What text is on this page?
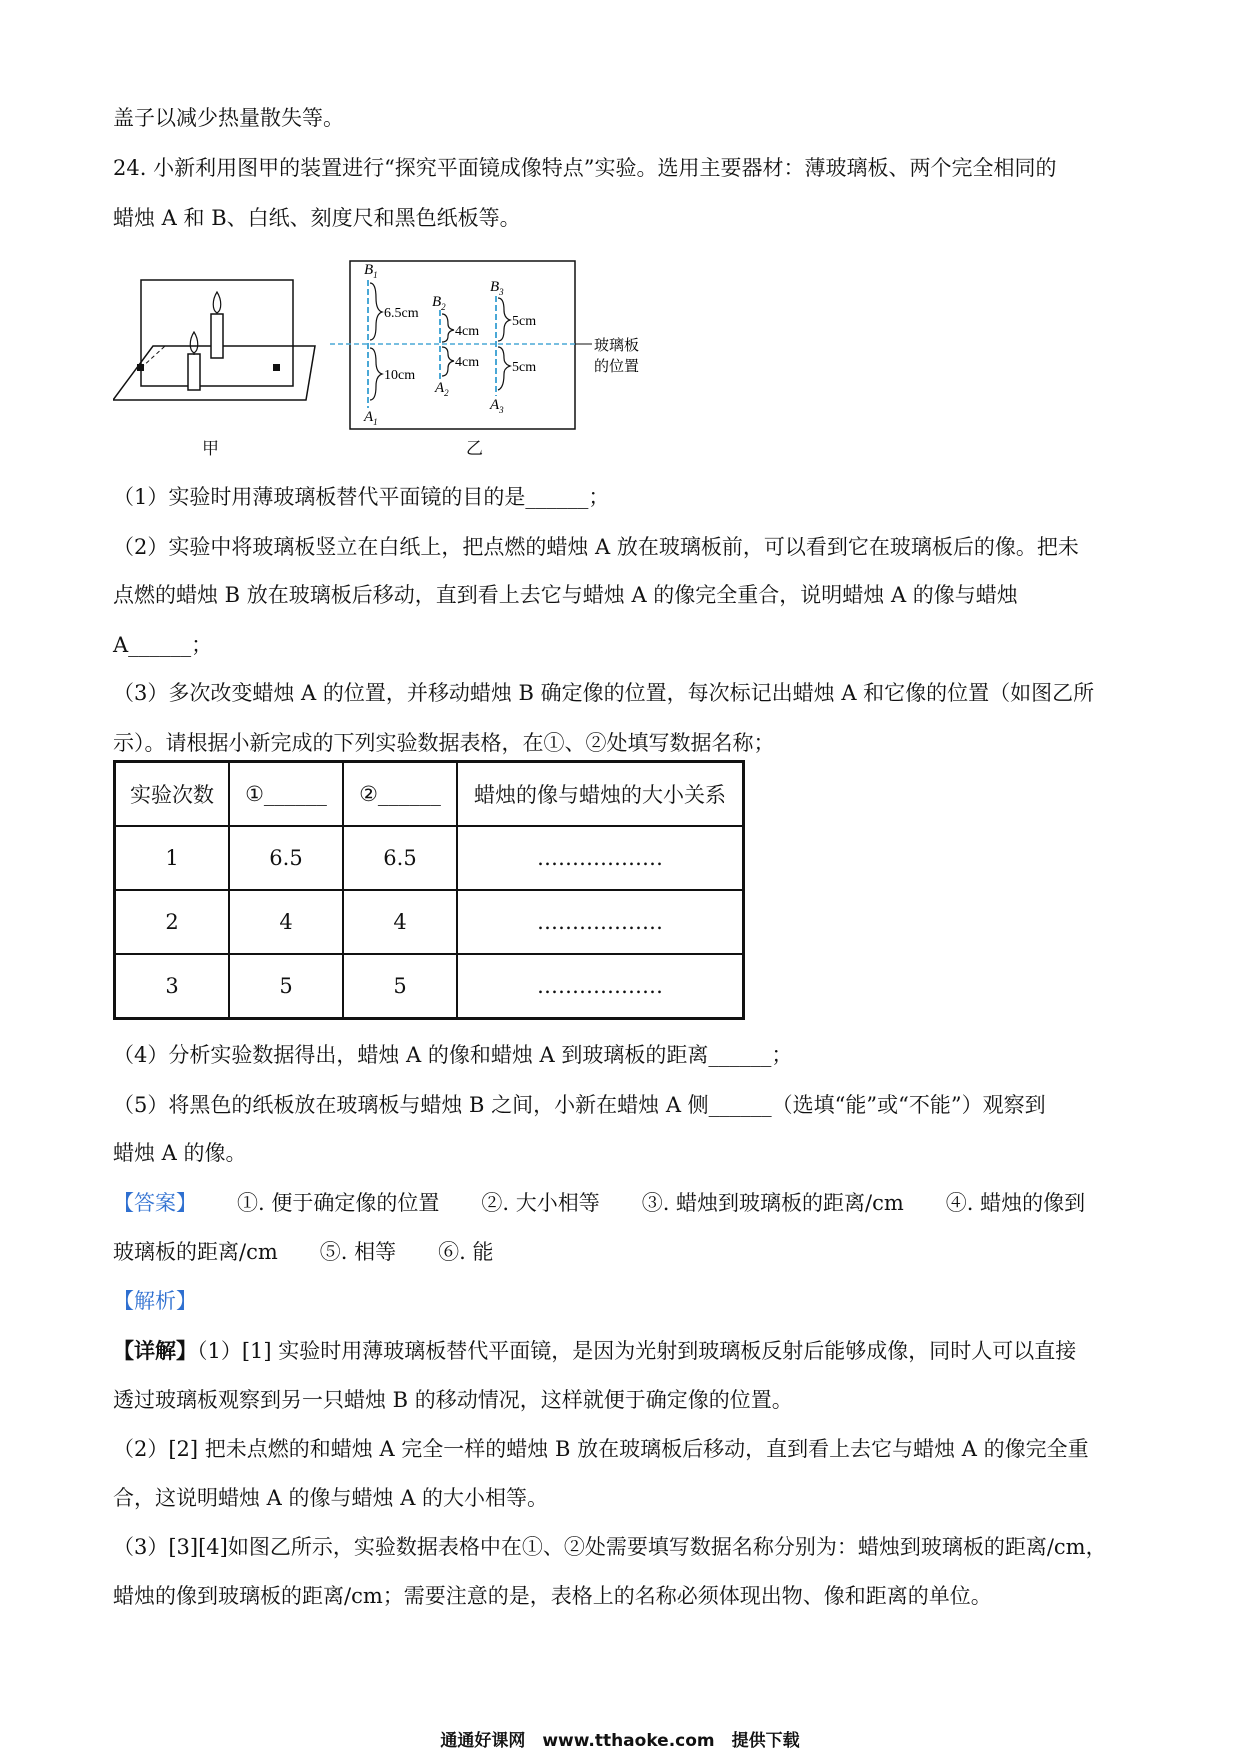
盖子以减少热量散失等。
24. 小新利用图甲的装置进行“探究平面镜成像特点”实验。选用主要器材：薄玻璃板、两个完全相同的
蜡烛 A 和 B、白纸、刻度尺和黑色纸板等。
甲
$B_1$
$B_2$
$B_3$
$A_1$
$A_2$
$A_3$
6.5cm
10cm
4cm
4cm
5cm
5cm
玻璃板
的位置
乙
（1）实验时用薄玻璃板替代平面镜的目的是______；
（2）实验中将玻璃板竖立在白纸上，把点燃的蜡烛 A 放在玻璃板前，可以看到它在玻璃板后的像。把未
点燃的蜡烛 B 放在玻璃板后移动，直到看上去它与蜡烛 A 的像完全重合，说明蜡烛 A 的像与蜡烛
A______；
（3）多次改变蜡烛 A 的位置，并移动蜡烛 B 确定像的位置，每次标记出蜡烛 A 和它像的位置（如图乙所
示）。请根据小新完成的下列实验数据表格，在①、②处填写数据名称；
实验次数	①______	②______	蜡烛的像与蜡烛的大小关系
1	6.5	6.5	………………
2	4	4	………………
3	5	5	………………
（4）分析实验数据得出，蜡烛 A 的像和蜡烛 A 到玻璃板的距离______；
（5）将黑色的纸板放在玻璃板与蜡烛 B 之间，小新在蜡烛 A 侧______（选填“能”或“不能”）观察到
蜡烛 A 的像。
【答案】 ①. 便于确定像的位置　　②. 大小相等　　③. 蜡烛到玻璃板的距离/cm　　④. 蜡烛的像到
玻璃板的距离/cm　　⑤. 相等　　⑥. 能
【解析】
【详解】（1）[1] 实验时用薄玻璃板替代平面镜，是因为光射到玻璃板反射后能够成像，同时人可以直接
透过玻璃板观察到另一只蜡烛 B 的移动情况，这样就便于确定像的位置。
（2）[2] 把未点燃的和蜡烛 A 完全一样的蜡烛 B 放在玻璃板后移动，直到看上去它与蜡烛 A 的像完全重
合，这说明蜡烛 A 的像与蜡烛 A 的大小相等。
（3）[3][4]如图乙所示，实验数据表格中在①、②处需要填写数据名称分别为：蜡烛到玻璃板的距离/cm，
蜡烛的像到玻璃板的距离/cm；需要注意的是，表格上的名称必须体现出物、像和距离的单位。
通通好课网　www.tthaoke.com　提供下载
